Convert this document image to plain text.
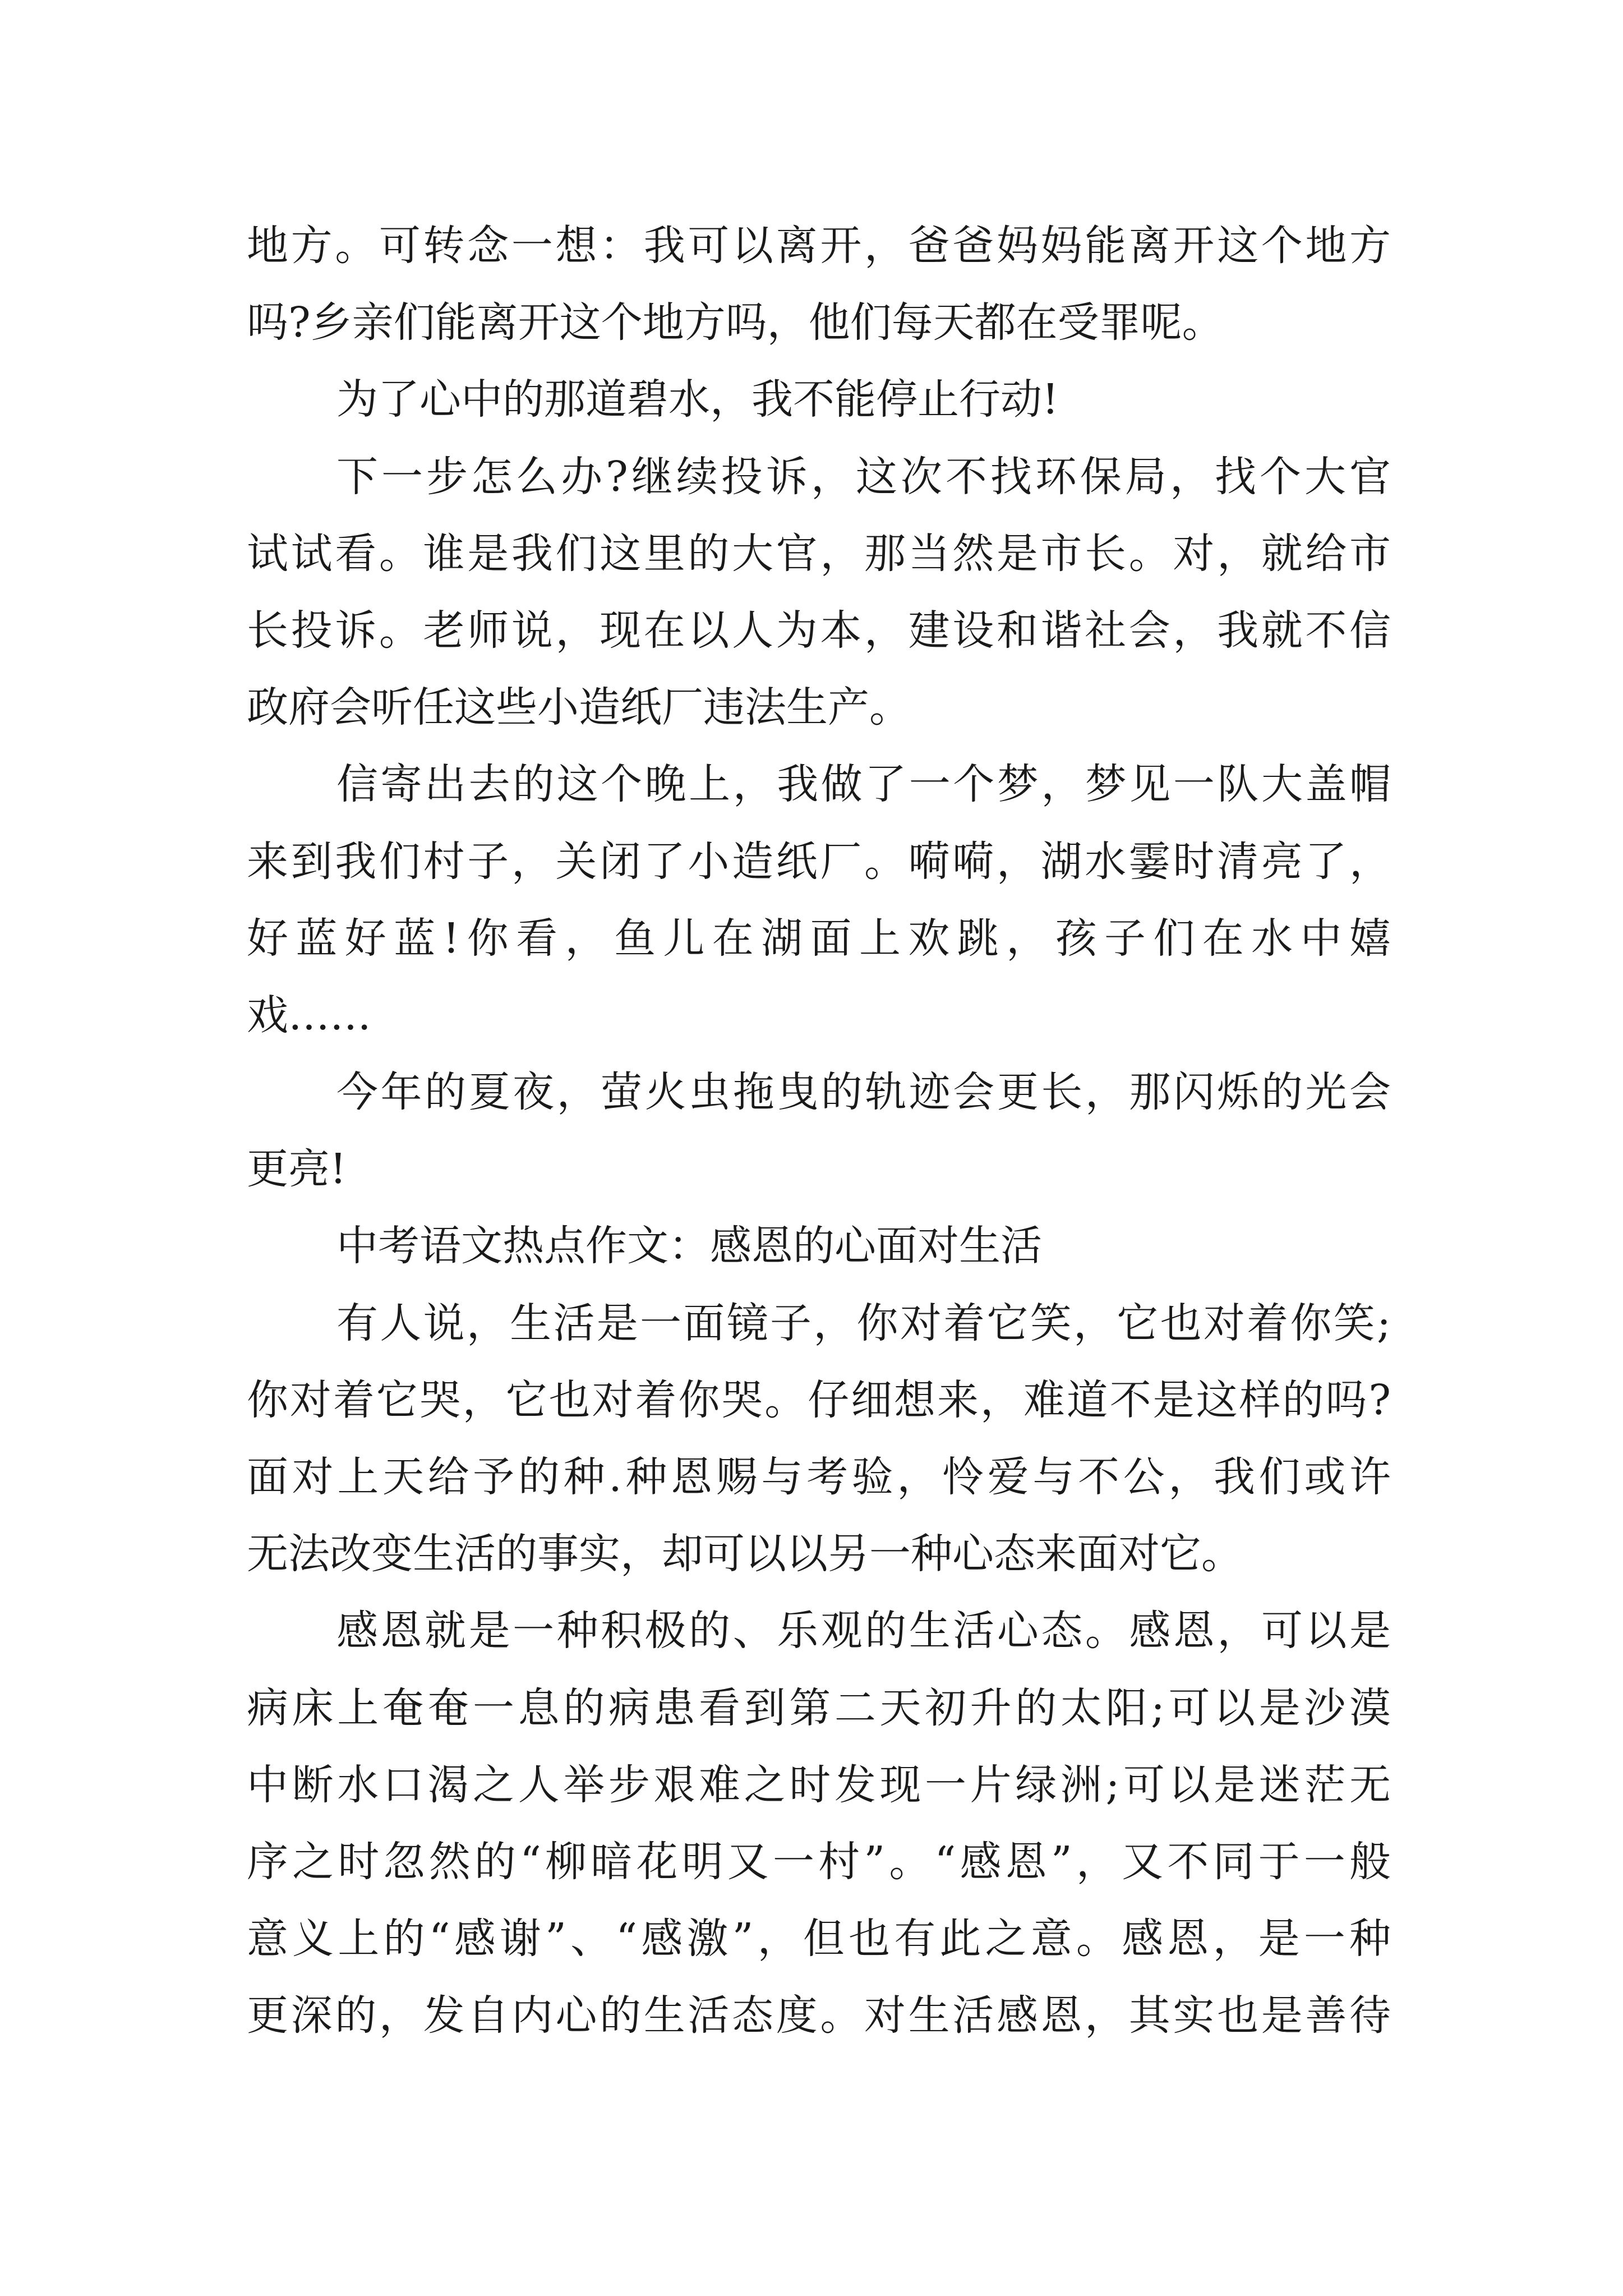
地方。可转念一想：我可以离开，爸爸妈妈能离开这个地方
吗?乡亲们能离开这个地方吗，他们每天都在受罪呢。
为了心中的那道碧水，我不能停止行动!
下一步怎么办?继续投诉，这次不找环保局，找个大官
试试看。谁是我们这里的大官，那当然是市长。对，就给市
长投诉。老师说，现在以人为本，建设和谐社会，我就不信
政府会听任这些小造纸厂违法生产。
信寄出去的这个晚上，我做了一个梦，梦见一队大盖帽
来到我们村子，关闭了小造纸厂。嗬嗬，湖水霎时清亮了，
好蓝好蓝!你看，鱼儿在湖面上欢跳，孩子们在水中嬉
戏……
今年的夏夜，萤火虫拖曳的轨迹会更长，那闪烁的光会
更亮!
中考语文热点作文：感恩的心面对生活
有人说，生活是一面镜子，你对着它笑，它也对着你笑;
你对着它哭，它也对着你哭。仔细想来，难道不是这样的吗?
面对上天给予的种.种恩赐与考验，怜爱与不公，我们或许
无法改变生活的事实，却可以以另一种心态来面对它。
感恩就是一种积极的、乐观的生活心态。感恩，可以是
病床上奄奄一息的病患看到第二天初升的太阳;可以是沙漠
中断水口渴之人举步艰难之时发现一片绿洲;可以是迷茫无
序之时忽然的“柳暗花明又一村”。“感恩”，又不同于一般
意义上的“感谢”、“感激”，但也有此之意。感恩，是一种
更深的，发自内心的生活态度。对生活感恩，其实也是善待
